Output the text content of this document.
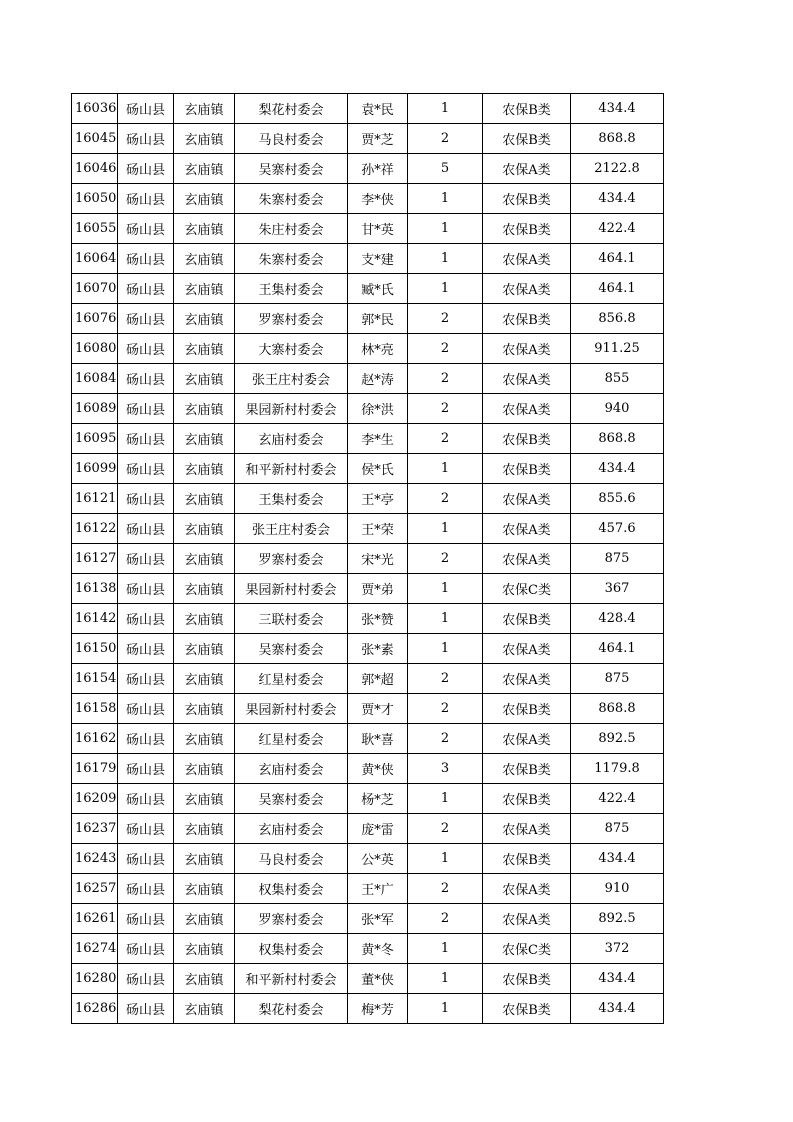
16036	砀山县	玄庙镇	梨花村委会	袁*民	1	农保B类	434.4
16045	砀山县	玄庙镇	马良村委会	贾*芝	2	农保B类	868.8
16046	砀山县	玄庙镇	吴寨村委会	孙*祥	5	农保A类	2122.8
16050	砀山县	玄庙镇	朱寨村委会	李*侠	1	农保B类	434.4
16055	砀山县	玄庙镇	朱庄村委会	甘*英	1	农保B类	422.4
16064	砀山县	玄庙镇	朱寨村委会	支*建	1	农保A类	464.1
16070	砀山县	玄庙镇	王集村委会	臧*氏	1	农保A类	464.1
16076	砀山县	玄庙镇	罗寨村委会	郭*民	2	农保B类	856.8
16080	砀山县	玄庙镇	大寨村委会	林*亮	2	农保A类	911.25
16084	砀山县	玄庙镇	张王庄村委会	赵*涛	2	农保A类	855
16089	砀山县	玄庙镇	果园新村村委会	徐*洪	2	农保A类	940
16095	砀山县	玄庙镇	玄庙村委会	李*生	2	农保B类	868.8
16099	砀山县	玄庙镇	和平新村村委会	侯*氏	1	农保B类	434.4
16121	砀山县	玄庙镇	王集村委会	王*亭	2	农保A类	855.6
16122	砀山县	玄庙镇	张王庄村委会	王*荣	1	农保A类	457.6
16127	砀山县	玄庙镇	罗寨村委会	宋*光	2	农保A类	875
16138	砀山县	玄庙镇	果园新村村委会	贾*弟	1	农保C类	367
16142	砀山县	玄庙镇	三联村委会	张*赞	1	农保B类	428.4
16150	砀山县	玄庙镇	吴寨村委会	张*素	1	农保A类	464.1
16154	砀山县	玄庙镇	红星村委会	郭*超	2	农保A类	875
16158	砀山县	玄庙镇	果园新村村委会	贾*才	2	农保B类	868.8
16162	砀山县	玄庙镇	红星村委会	耿*喜	2	农保A类	892.5
16179	砀山县	玄庙镇	玄庙村委会	黄*侠	3	农保B类	1179.8
16209	砀山县	玄庙镇	吴寨村委会	杨*芝	1	农保B类	422.4
16237	砀山县	玄庙镇	玄庙村委会	庞*雷	2	农保A类	875
16243	砀山县	玄庙镇	马良村委会	公*英	1	农保B类	434.4
16257	砀山县	玄庙镇	权集村委会	王*广	2	农保A类	910
16261	砀山县	玄庙镇	罗寨村委会	张*军	2	农保A类	892.5
16274	砀山县	玄庙镇	权集村委会	黄*冬	1	农保C类	372
16280	砀山县	玄庙镇	和平新村村委会	董*侠	1	农保B类	434.4
16286	砀山县	玄庙镇	梨花村委会	梅*芳	1	农保B类	434.4
